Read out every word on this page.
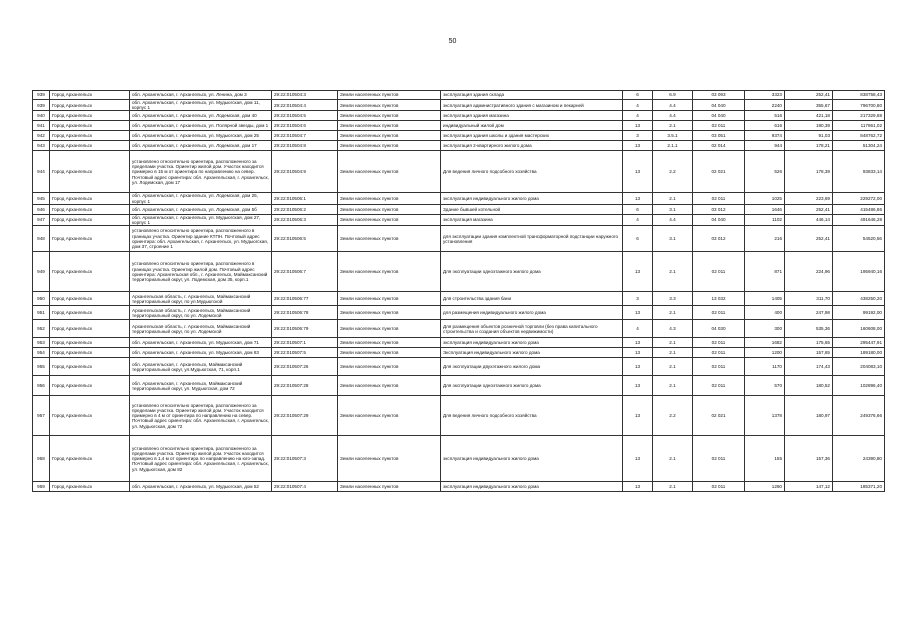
50
939	Город Архангельск	обл. Архангельская, г. Архангельск, ул. Ленина, дом 3	29:22:010504:3	Земли населенных пунктов	эксплуатация здания склада	6	6.9	03 093	3323	252,41	838758,43
939	Город Архангельск	обл. Архангельская, г. Архангельск, ул. Мудьюгская, дом 11, корпус 1	29:22:010504:4	Земли населенных пунктов	эксплуатация административного здания с магазином и пекарней	4	4.4	04 040	2240	355,67	796700,80
940	Город Архангельск	обл. Архангельская, г. Архангельск, ул. Лодемская, дом 40	29:22:010504:5	Земли населенных пунктов	эксплуатация здания магазина	4	4.4	04 040	516	421,18	217329,88
941	Город Архангельск	обл. Архангельская, г. Архангельск, ул. Полярной звезды, дом 1	29:22:010504:6	Земли населенных пунктов	индивидуальный жилой дом	13	2.1	02 011	616	190,39	117861,02
942	Город Архангельск	обл. Архангельская, г. Архангельск, ул. Мудьюгская, дом 25	29:22:010504:7	Земли населенных пунктов	эксплуатация здания школы и здания мастерских	3	3.5.1	03 051	9374	91,03	848762,72
943	Город Архангельск	обл. Архангельская, г. Архангельск, ул. Лодемская, дом 17	29:22:010504:8	Земли населенных пунктов	эксплуатация 2-квартирного жилого дома	13	2.1.1	02 014	944	178,21	51304,24
944	Город Архангельск	установлено относительно ориентира, расположенного за пределами участка. Ориентир жилой дом. Участок находится примерно в 15 м от ориентира по направлению на север. Почтовый адрес ориентира: обл. Архангельская, г. Архангельск, ул. Лодемская, дом 17	29:22:010504:9	Земли населенных пунктов	Для ведения личного подсобного хозяйства	13	2.2	02 021	526	178,39	93833,14
945	Город Архангельск	обл. Архангельская, г. Архангельск, ул. Лодемская, дом 25, корпус 1	29:22:010506:1	Земли населенных пунктов	эксплуатация индивидуального жилого дома	13	2.1	02 011	1025	223,69	229272,00
946	Город Архангельск	обл. Архангельская, г. Архангельск, ул. Лодемская, дом 5б	29:22:010506:2	Земли населенных пунктов	Здание бывшей котельной	6	3.1	03 012	1646	252,41	415486,86
947	Город Архангельск	обл. Архангельская, г. Архангельск, ул. Мудьюгская, дом 27, корпус 1	29:22:010506:3	Земли населенных пунктов	эксплуатация магазина	4	4.4	04 040	1102	446,14	491646,28
948	Город Архангельск	установлено относительно ориентира, расположенного в границах участка. Ориентир здание КТПН. Почтовый адрес ориентира: обл. Архангельская, г. Архангельск, ул. Мудьюгская, дом 37, строение 1	29:22:010506:5	Земли населенных пунктов	для эксплуатации здания комплектной трансформаторной подстанции наружного установления	6	3.1	03 012	216	252,41	54520,56
949	Город Архангельск	установлено относительно ориентира, расположенного в границах участка. Ориентир жилой дом. Почтовый адрес ориентира: Архангельская обл., г. Архангельск, Маймаксанский территориальный округ, ул. Лодемская, дом 35, корп.1	29:22:010506:7	Земли населенных пунктов	Для эксплуатации одноэтажного жилого дома	13	2.1	02 011	871	224,96	195940,16
950	Город Архангельск	Архангельская область, г. Архангельск, Маймаксанский территориальный округ, по ул.Мудьюгской	29:22:010506:77	Земли населенных пунктов	Для строительства здания бани	3	3.3	13 032	1405	311,70	438250,20
951	Город Архангельск	Архангельская область, г. Архангельск, Маймаксанский территориальный округ, по ул. Лодемской	29:22:010506:78	Земли населенных пунктов	для размещения индивидуального жилого дома	13	2.1	02 011	400	247,98	99192,00
952	Город Архангельск	Архангельская область, г. Архангельск, Маймаксанский территориальный округ, по ул. Лодемской	29:22:010506:79	Земли населенных пунктов	Для размещения объектов розничной торговли (без права капитального строительства и создания объектов недвижимости)	4	4.3	04 030	300	535,36	160608,00
953	Город Архангельск	обл. Архангельская, г. Архангельск, ул. Мудьюгская, дом 71	29:22:010507:1	Земли населенных пунктов	эксплуатация индивидуального жилого дома	13	2.1	02 011	1682	175,65	295447,91
954	Город Архангельск	обл. Архангельская, г. Архангельск, ул. Мудьюгская, дом 83	29:22:010507:5	Земли населенных пунктов	Эксплуатация индивидуального жилого дома	13	2.1	02 011	1200	157,65	189180,00
955	Город Архангельск	обл. Архангельская, г. Архангельск, Маймаксанский территориальный округ, ул.Мудьюгская, 71, корп.1	29:22:010507:26	Земли населенных пунктов	Для эксплуатации двухэтажного жилого дома	13	2.1	02 011	1170	174,43	204083,10
956	Город Архангельск	обл. Архангельская, г. Архангельск, Маймаксанский территориальный округ, ул. Мудьюгская, дом 72	29:22:010507:28	Земли населенных пунктов	Для эксплуатации одноэтажного жилого дома	13	2.1	02 011	570	180,52	102896,40
957	Город Архангельск	установлено относительно ориентира, расположенного за пределами участка. Ориентир жилой дом. Участок находится примерно в 4 м от ориентира по направлению на север. Почтовый адрес ориентира: обл. Архангельская, г. Архангельск, ул. Мудьюгская, дом 72	29:22:010507:29	Земли населенных пунктов	Для ведения личного подсобного хозяйства	13	2.2	02 021	1378	180,97	249376,66
958	Город Архангельск	установлено относительно ориентира, расположенного за пределами участка. Ориентир жилой дом. Участок находится примерно в 1,4 м от ориентира по направлению на юго-запад. Почтовый адрес ориентира: обл. Архангельская, г. Архангельск, ул. Мудьюгская, дом 82	29:22:010507:3	Земли населенных пунктов	эксплуатация индивидуального жилого дома	13	2.1	02 011	155	157,36	24390,80
959	Город Архангельск	обл. Архангельская, г. Архангельск, ул. Мудьюгская, дом 52	29:22:010507:4	Земли населенных пунктов	эксплуатация индивидуального жилого дома	13	2.1	02 011	1260	147,12	185371,20
